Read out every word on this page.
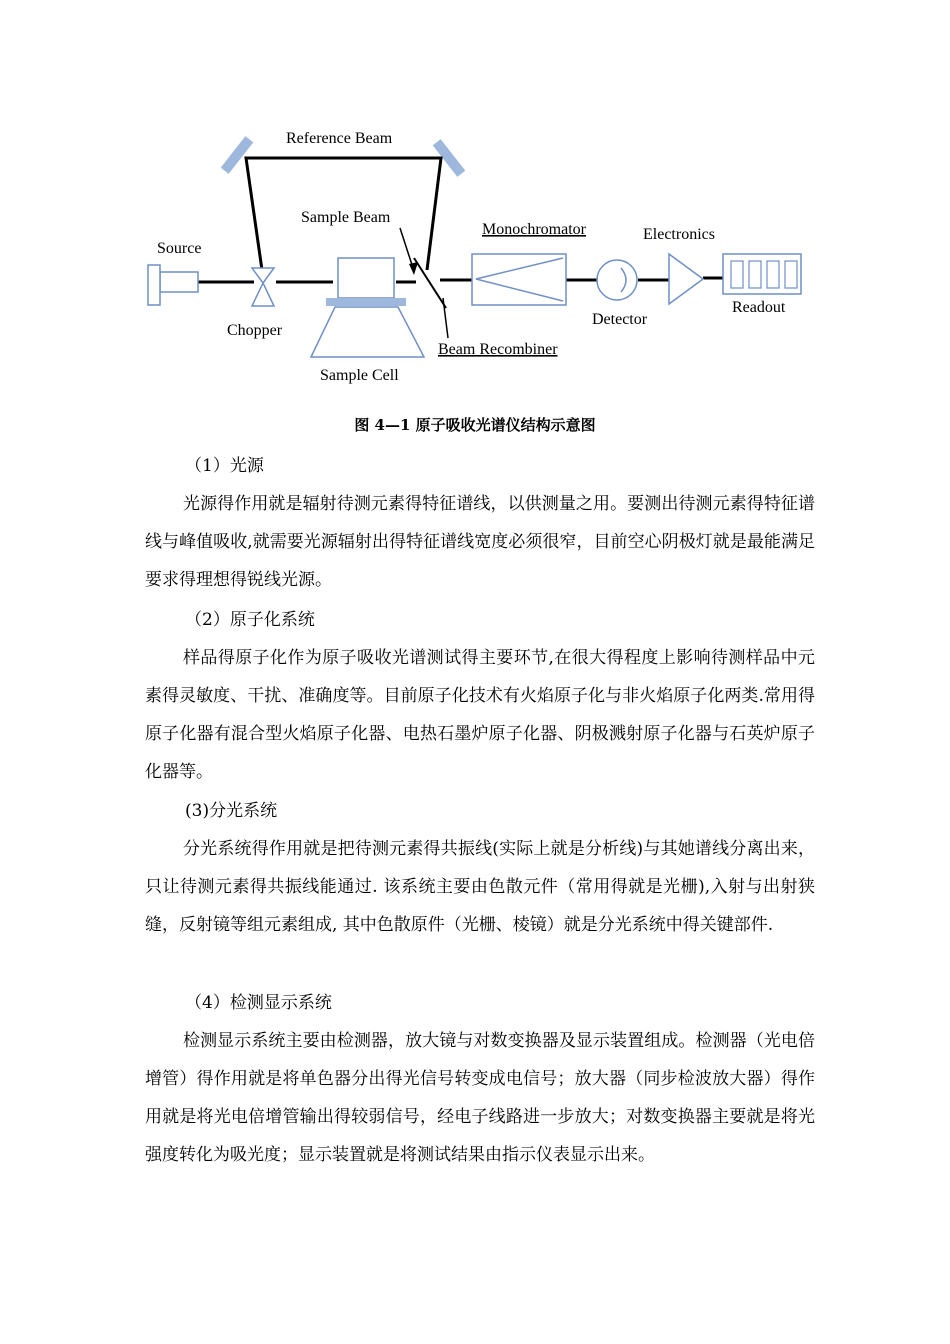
Reference Beam
Sample Beam
Source
Chopper
Sample Cell
Beam Recombiner
Monochromator
Detector
Electronics
Readout
图 4—1 原子吸收光谱仪结构示意图
（1）光源
光源得作用就是辐射待测元素得特征谱线，以供测量之用。要测出待测元素得特征谱线与峰值吸收,就需要光源辐射出得特征谱线宽度必须很窄，目前空心阴极灯就是最能满足要求得理想得锐线光源。
（2）原子化系统
样品得原子化作为原子吸收光谱测试得主要环节,在很大得程度上影响待测样品中元素得灵敏度、干扰、准确度等。目前原子化技术有火焰原子化与非火焰原子化两类.常用得原子化器有混合型火焰原子化器、电热石墨炉原子化器、阴极溅射原子化器与石英炉原子化器等。
(3)分光系统
分光系统得作用就是把待测元素得共振线(实际上就是分析线)与其她谱线分离出来，只让待测元素得共振线能通过. 该系统主要由色散元件（常用得就是光栅),入射与出射狭缝，反射镜等组元素组成, 其中色散原件（光栅、棱镜）就是分光系统中得关键部件.
（4）检测显示系统
检测显示系统主要由检测器，放大镜与对数变换器及显示装置组成。检测器（光电倍增管）得作用就是将单色器分出得光信号转变成电信号；放大器（同步检波放大器）得作用就是将光电倍增管输出得较弱信号，经电子线路进一步放大；对数变换器主要就是将光强度转化为吸光度；显示装置就是将测试结果由指示仪表显示出来。
